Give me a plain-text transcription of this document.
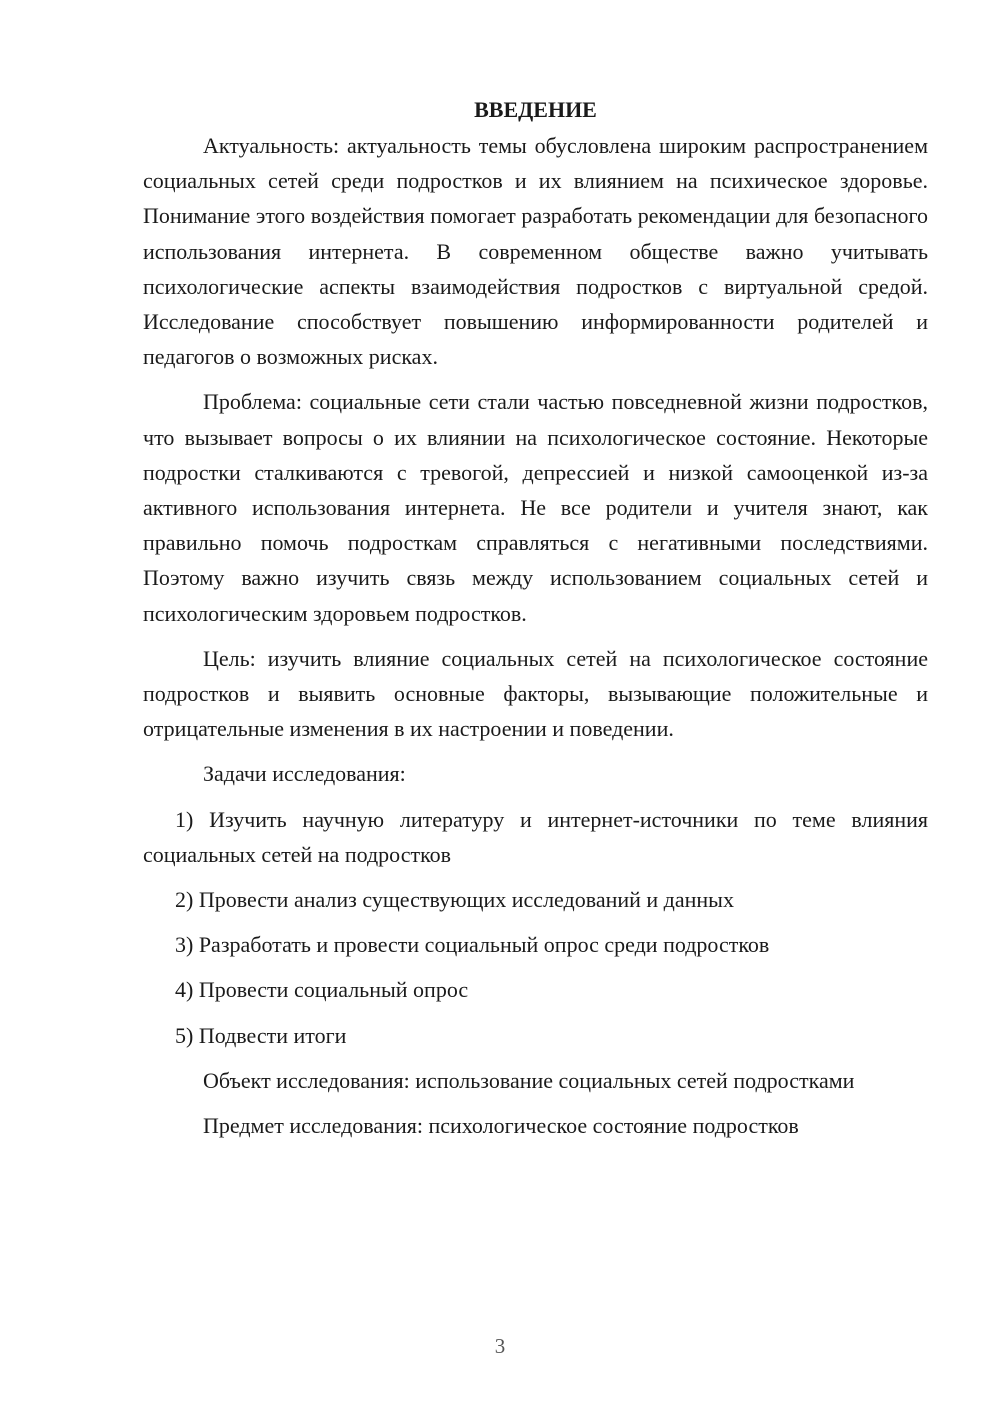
ВВЕДЕНИЕ

Актуальность: актуальность темы обусловлена широким распространением социальных сетей среди подростков и их влиянием на психическое здоровье. Понимание этого воздействия помогает разработать рекомендации для безопасного использования интернета. В современном обществе важно учитывать психологические аспекты взаимодействия подростков с виртуальной средой. Исследование способствует повышению информированности родителей и педагогов о возможных рисках.

Проблема: социальные сети стали частью повседневной жизни подростков, что вызывает вопросы о их влиянии на психологическое состояние. Некоторые подростки сталкиваются с тревогой, депрессией и низкой самооценкой из-за активного использования интернета. Не все родители и учителя знают, как правильно помочь подросткам справляться с негативными последствиями. Поэтому важно изучить связь между использованием социальных сетей и психологическим здоровьем подростков.

Цель: изучить влияние социальных сетей на психологическое состояние подростков и выявить основные факторы, вызывающие положительные и отрицательные изменения в их настроении и поведении.

Задачи исследования:

1) Изучить научную литературу и интернет-источники по теме влияния социальных сетей на подростков

2) Провести анализ существующих исследований и данных

3) Разработать и провести социальный опрос среди подростков

4) Провести социальный опрос

5) Подвести итоги

Объект исследования: использование социальных сетей подростками

Предмет исследования: психологическое состояние подростков

3
